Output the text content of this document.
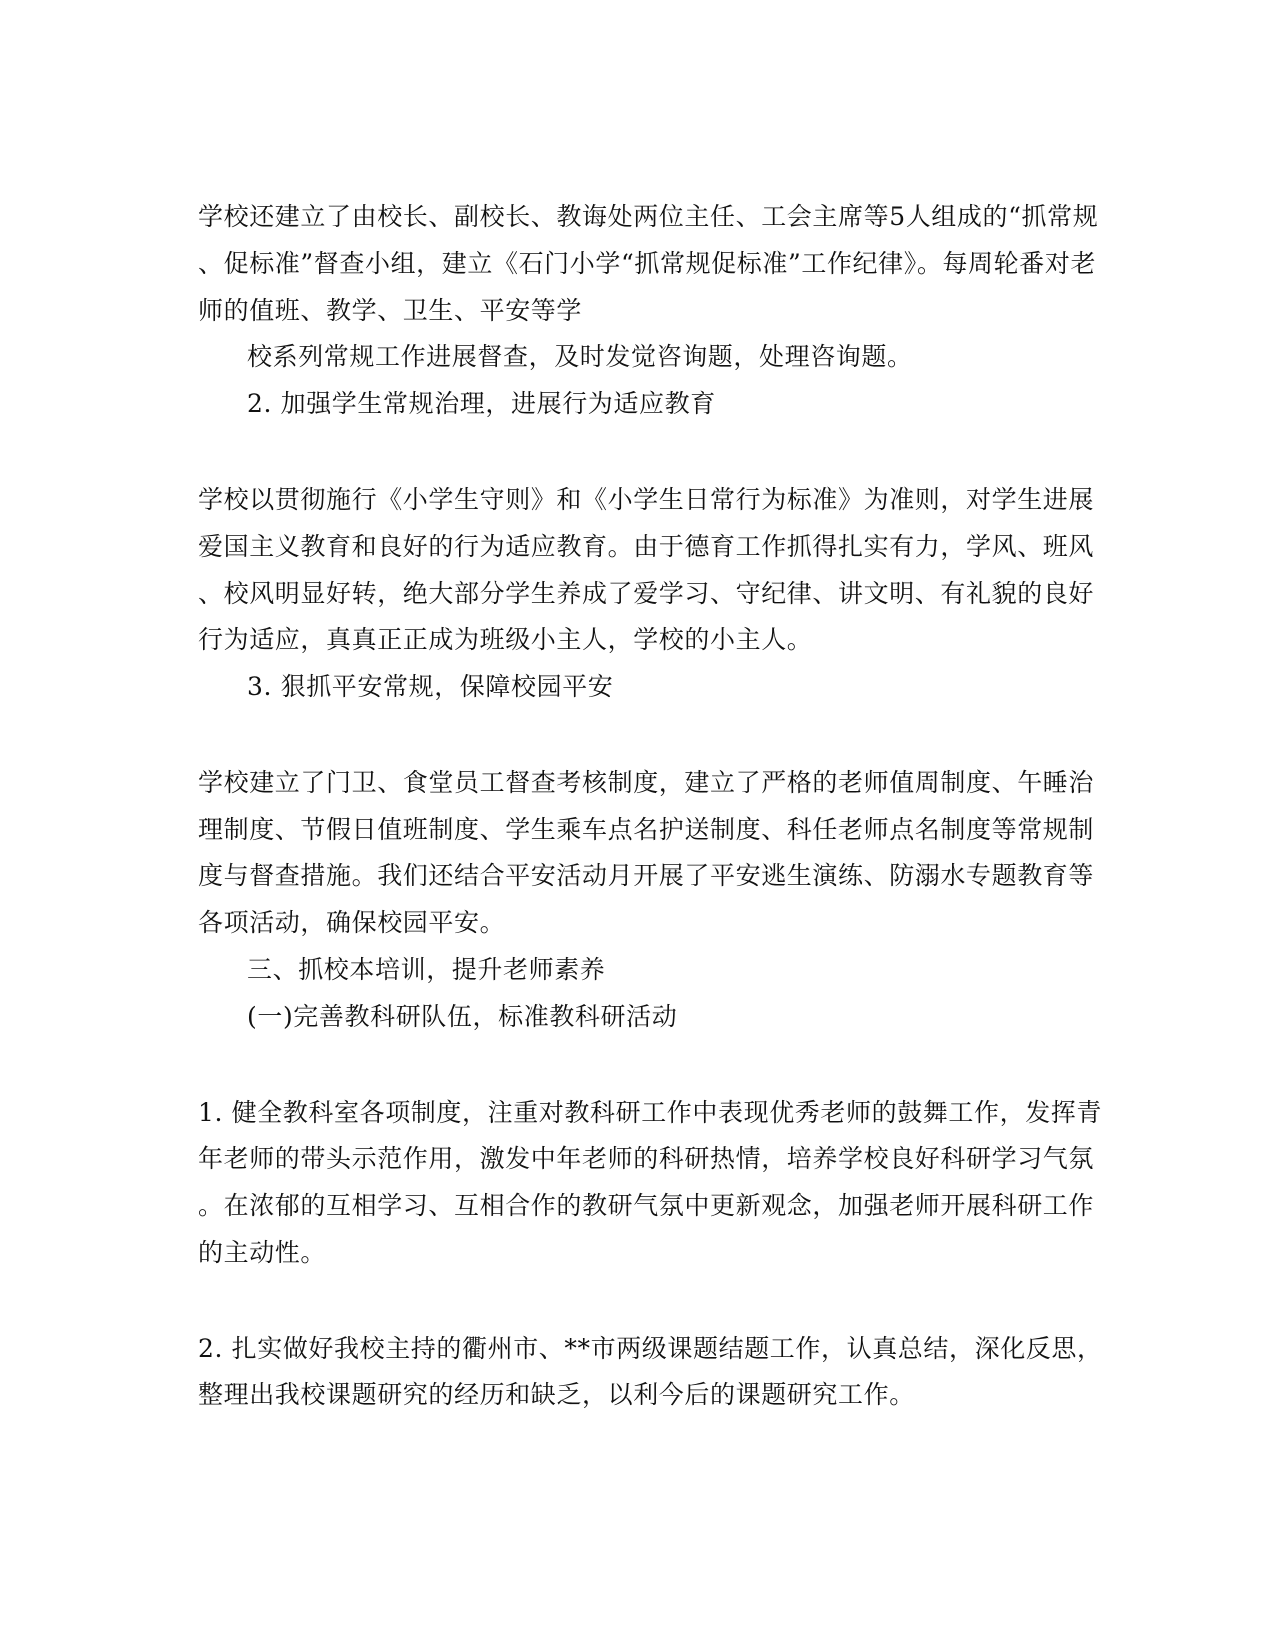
学校还建立了由校长、副校长、教诲处两位主任、工会主席等5人组成的“抓常规
、促标准”督查小组，建立《石门小学“抓常规促标准”工作纪律》。每周轮番对老
师的值班、教学、卫生、平安等学
校系列常规工作进展督查，及时发觉咨询题，处理咨询题。
2. 加强学生常规治理，进展行为适应教育
学校以贯彻施行《小学生守则》和《小学生日常行为标准》为准则，对学生进展
爱国主义教育和良好的行为适应教育。由于德育工作抓得扎实有力，学风、班风
、校风明显好转，绝大部分学生养成了爱学习、守纪律、讲文明、有礼貌的良好
行为适应，真真正正成为班级小主人，学校的小主人。
3. 狠抓平安常规，保障校园平安
学校建立了门卫、食堂员工督查考核制度，建立了严格的老师值周制度、午睡治
理制度、节假日值班制度、学生乘车点名护送制度、科任老师点名制度等常规制
度与督查措施。我们还结合平安活动月开展了平安逃生演练、防溺水专题教育等
各项活动，确保校园平安。
三、抓校本培训，提升老师素养
(一)完善教科研队伍，标准教科研活动
1. 健全教科室各项制度，注重对教科研工作中表现优秀老师的鼓舞工作，发挥青
年老师的带头示范作用，激发中年老师的科研热情，培养学校良好科研学习气氛
。在浓郁的互相学习、互相合作的教研气氛中更新观念，加强老师开展科研工作
的主动性。
2. 扎实做好我校主持的衢州市、**市两级课题结题工作，认真总结，深化反思，
整理出我校课题研究的经历和缺乏，以利今后的课题研究工作。
